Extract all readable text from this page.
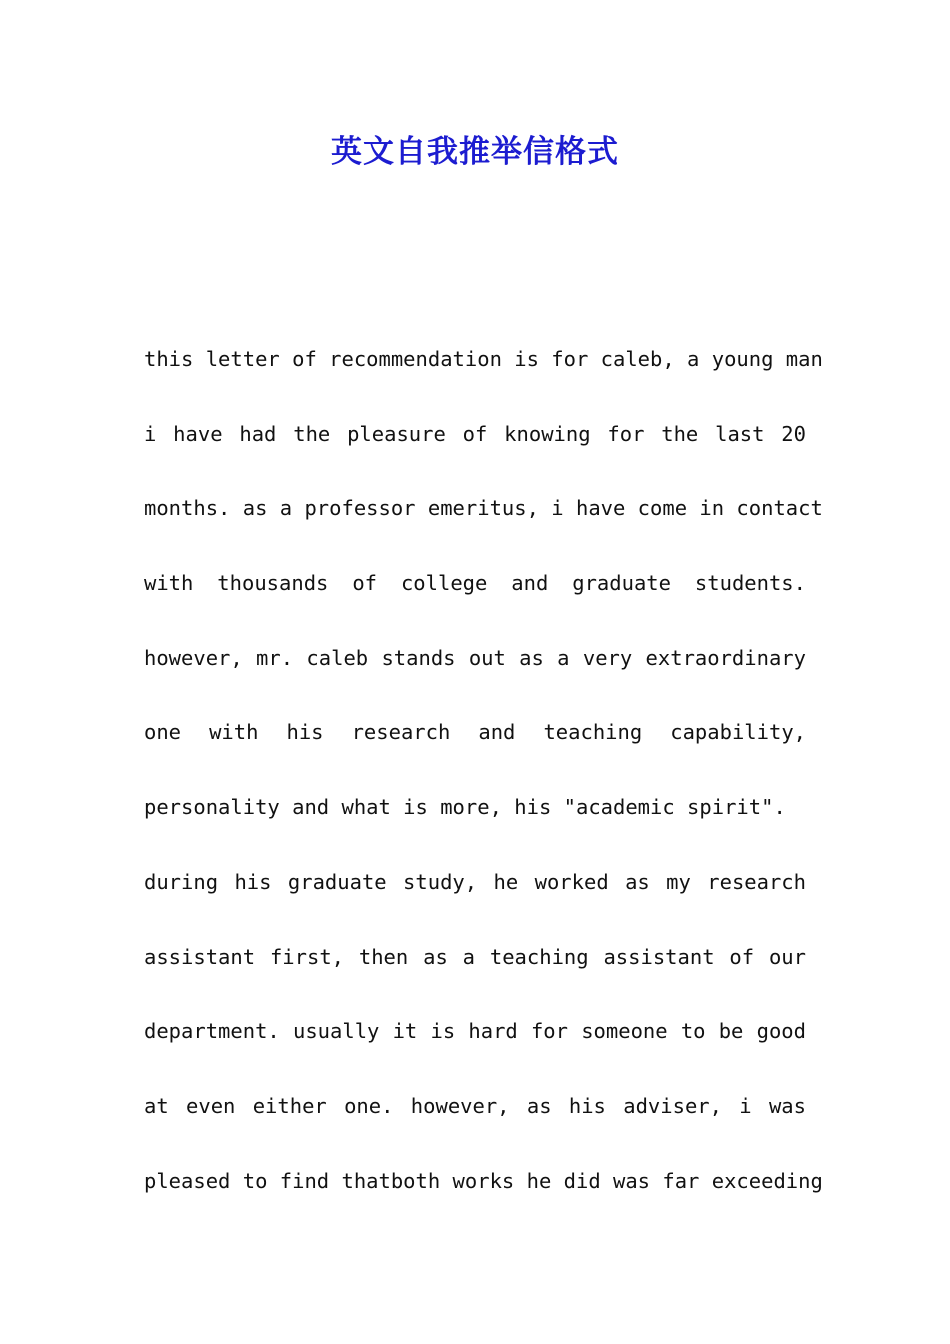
英文自我推举信格式
this letter of recommendation is for caleb, a young man
i have had the pleasure of knowing for the last 20
months. as a professor emeritus, i have come in contact
with thousands of college and graduate students.
however, mr. caleb stands out as a very extraordinary
one with his research and teaching capability,
personality and what is more, his "academic spirit".
during his graduate study, he worked as my research
assistant first, then as a teaching assistant of our
department. usually it is hard for someone to be good
at even either one. however, as his adviser, i was
pleased to find thatboth works he did was far exceeding
